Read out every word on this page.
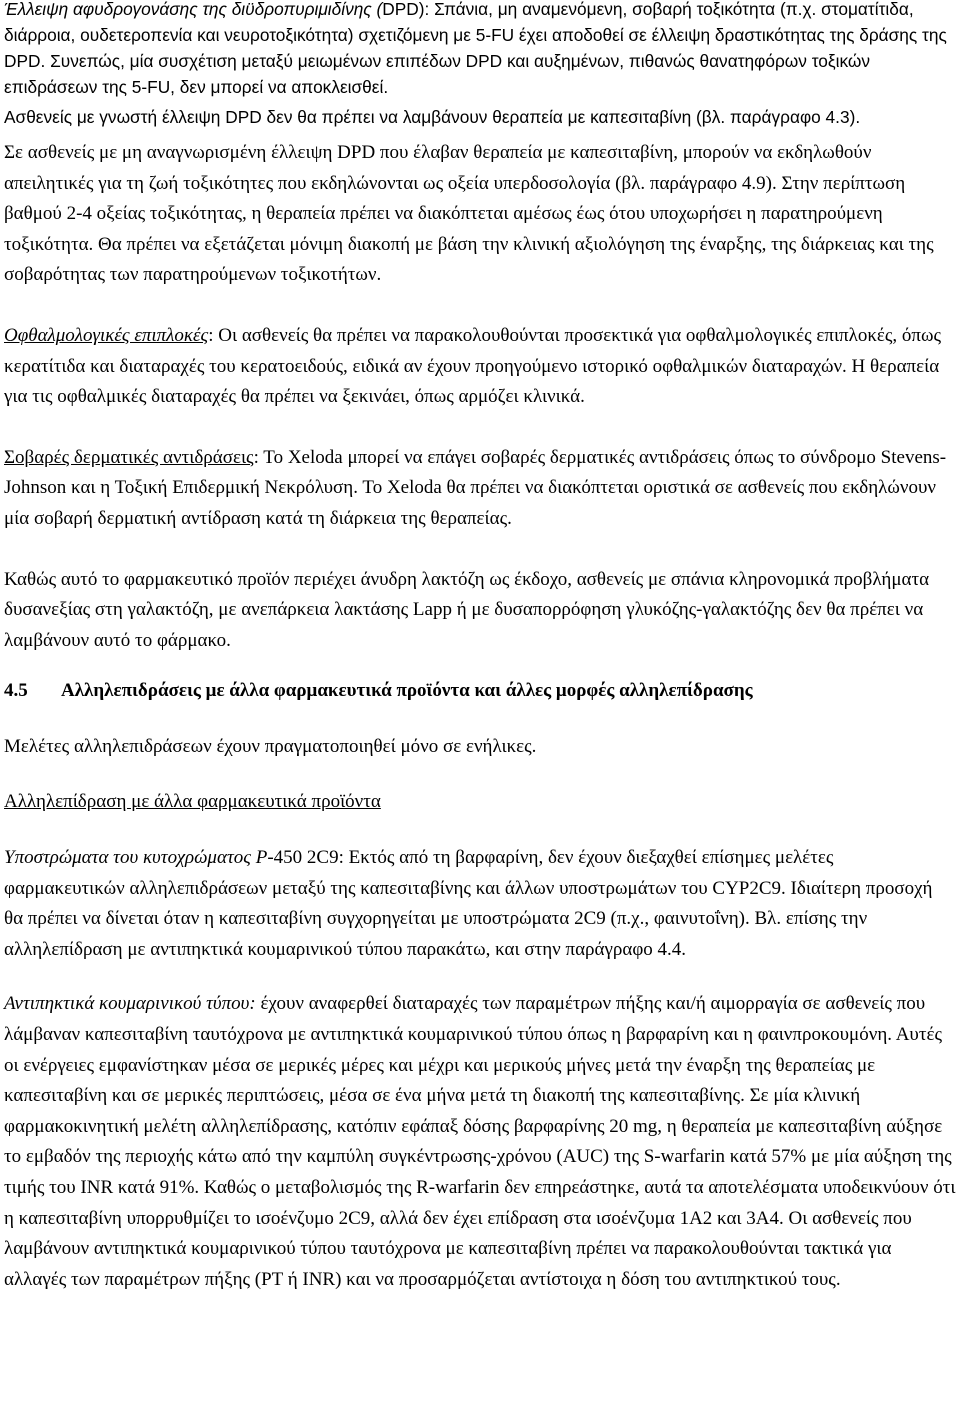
Έλλειψη αφυδρογονάσης της διϋδροπυριμιδίνης (DPD): Σπάνια, μη αναμενόμενη, σοβαρή τοξικότητα (π.χ. στοματίτιδα, διάρροια, ουδετεροπενία και νευροτοξικότητα) σχετιζόμενη με 5-FU έχει αποδοθεί σε έλλειψη δραστικότητας της δράσης της DPD. Συνεπώς, μία συσχέτιση μεταξύ μειωμένων επιπέδων DPD και αυξημένων, πιθανώς θανατηφόρων τοξικών επιδράσεων της 5-FU, δεν μπορεί να αποκλεισθεί.

Ασθενείς με γνωστή έλλειψη DPD δεν θα πρέπει να λαμβάνουν θεραπεία με καπεσιταβίνη (βλ. παράγραφο 4.3).

Σε ασθενείς με μη αναγνωρισμένη έλλειψη DPD που έλαβαν θεραπεία με καπεσιταβίνη, μπορούν να εκδηλωθούν απειλητικές για τη ζωή τοξικότητες που εκδηλώνονται ως οξεία υπερδοσολογία (βλ. παράγραφο 4.9). Στην περίπτωση βαθμού 2-4 οξείας τοξικότητας, η θεραπεία πρέπει να διακόπτεται αμέσως έως ότου υποχωρήσει η παρατηρούμενη τοξικότητα. Θα πρέπει να εξετάζεται μόνιμη διακοπή με βάση την κλινική αξιολόγηση της έναρξης, της διάρκειας και της σοβαρότητας των παρατηρούμενων τοξικοτήτων.

Οφθαλμολογικές επιπλοκές: Οι ασθενείς θα πρέπει να παρακολουθούνται προσεκτικά για οφθαλμολογικές επιπλοκές, όπως κερατίτιδα και διαταραχές του κερατοειδούς, ειδικά αν έχουν προηγούμενο ιστορικό οφθαλμικών διαταραχών. Η θεραπεία για τις οφθαλμικές διαταραχές θα πρέπει να ξεκινάει, όπως αρμόζει κλινικά.

Σοβαρές δερματικές αντιδράσεις: Το Xeloda μπορεί να επάγει σοβαρές δερματικές αντιδράσεις όπως το σύνδρομο Stevens-Johnson και η Τοξική Επιδερμική Νεκρόλυση. Το Xeloda θα πρέπει να διακόπτεται οριστικά σε ασθενείς που εκδηλώνουν μία σοβαρή δερματική αντίδραση κατά τη διάρκεια της θεραπείας.

Καθώς αυτό το φαρμακευτικό προϊόν περιέχει άνυδρη λακτόζη ως έκδοχο, ασθενείς με σπάνια κληρονομικά προβλήματα δυσανεξίας στη γαλακτόζη, με ανεπάρκεια λακτάσης Lapp ή με δυσαπορρόφηση γλυκόζης-γαλακτόζης δεν θα πρέπει να λαμβάνουν αυτό το φάρμακο.

4.5	Αλληλεπιδράσεις με άλλα φαρμακευτικά προϊόντα και άλλες μορφές αλληλεπίδρασης

Μελέτες αλληλεπιδράσεων έχουν πραγματοποιηθεί μόνο σε ενήλικες.

Αλληλεπίδραση με άλλα φαρμακευτικά προϊόντα

Υποστρώματα του κυτοχρώματος P-450 2C9: Εκτός από τη βαρφαρίνη, δεν έχουν διεξαχθεί επίσημες μελέτες φαρμακευτικών αλληλεπιδράσεων μεταξύ της καπεσιταβίνης και άλλων υποστρωμάτων του CYP2C9. Ιδιαίτερη προσοχή θα πρέπει να δίνεται όταν η καπεσιταβίνη συγχορηγείται με υποστρώματα 2C9 (π.χ., φαινυτοΐνη). Βλ. επίσης την αλληλεπίδραση με αντιπηκτικά κουμαρινικού τύπου παρακάτω, και στην παράγραφο 4.4.

Αντιπηκτικά κουμαρινικού τύπου: έχουν αναφερθεί διαταραχές των παραμέτρων πήξης και/ή αιμορραγία σε ασθενείς που λάμβαναν καπεσιταβίνη ταυτόχρονα με αντιπηκτικά κουμαρινικού τύπου όπως η βαρφαρίνη και η φαινπροκουμόνη. Αυτές οι ενέργειες εμφανίστηκαν μέσα σε μερικές μέρες και μέχρι και μερικούς μήνες μετά την έναρξη της θεραπείας με καπεσιταβίνη και σε μερικές περιπτώσεις, μέσα σε ένα μήνα μετά τη διακοπή της καπεσιταβίνης. Σε μία κλινική φαρμακοκινητική μελέτη αλληλεπίδρασης, κατόπιν εφάπαξ δόσης βαρφαρίνης 20 mg, η θεραπεία με καπεσιταβίνη αύξησε το εμβαδόν της περιοχής κάτω από την καμπύλη συγκέντρωσης-χρόνου (AUC) της S-warfarin κατά 57% με μία αύξηση της τιμής του INR κατά 91%. Καθώς ο μεταβολισμός της R-warfarin δεν επηρεάστηκε, αυτά τα αποτελέσματα υποδεικνύουν ότι η καπεσιταβίνη υπορρυθμίζει το ισοένζυμο 2C9, αλλά δεν έχει επίδραση στα ισοένζυμα 1A2 και 3A4. Οι ασθενείς που λαμβάνουν αντιπηκτικά κουμαρινικού τύπου ταυτόχρονα με καπεσιταβίνη πρέπει να παρακολουθούνται τακτικά για αλλαγές των παραμέτρων πήξης (PT ή INR) και να προσαρμόζεται αντίστοιχα η δόση του αντιπηκτικού τους.
